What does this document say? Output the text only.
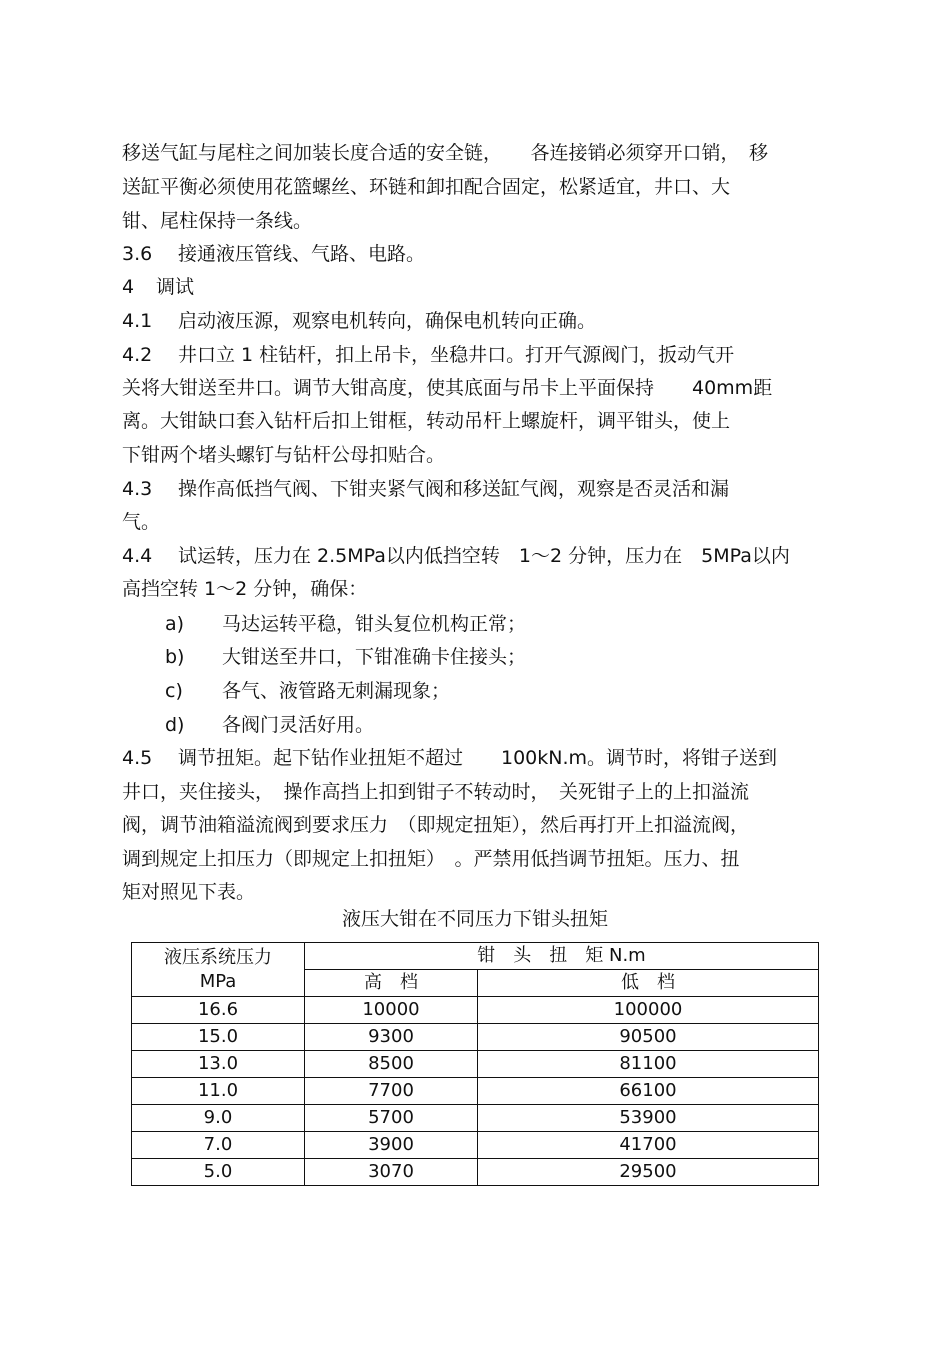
移送气缸与尾柱之间加装长度合适的安全链，　　各连接销必须穿开口销，　移
送缸平衡必须使用花篮螺丝、环链和卸扣配合固定，松紧适宜，井口、大
钳、尾柱保持一条线。
3.6 接通液压管线、气路、电路。
4 调试
4.1 启动液压源，观察电机转向，确保电机转向正确。
4.2 井口立 1 柱钻杆，扣上吊卡，坐稳井口。打开气源阀门，扳动气开
关将大钳送至井口。调节大钳高度，使其底面与吊卡上平面保持　　40mm距
离。大钳缺口套入钻杆后扣上钳框，转动吊杆上螺旋杆，调平钳头，使上
下钳两个堵头螺钉与钻杆公母扣贴合。
4.3 操作高低挡气阀、下钳夹紧气阀和移送缸气阀，观察是否灵活和漏
气。
4.4 试运转，压力在 2.5MPa以内低挡空转　1～2 分钟，压力在　5MPa以内
高挡空转 1～2 分钟，确保：
a) 马达运转平稳，钳头复位机构正常；
b) 大钳送至井口，下钳准确卡住接头；
c) 各气、液管路无刺漏现象；
d) 各阀门灵活好用。
4.5 调节扭矩。起下钻作业扭矩不超过　　100kN.m。调节时，将钳子送到
井口，夹住接头，　操作高挡上扣到钳子不转动时，　关死钳子上的上扣溢流
阀，调节油箱溢流阀到要求压力　（即规定扭矩），然后再打开上扣溢流阀，
调到规定上扣压力（即规定上扣扭矩）　。严禁用低挡调节扭矩。压力、扭
矩对照见下表。
液压大钳在不同压力下钳头扭矩
液压系统压力
MPa	钳　头　扭　矩 N.m	
	高　档	低　档
16.6	10000	100000
15.0	9300	90500
13.0	8500	81100
11.0	7700	66100
9.0	5700	53900
7.0	3900	41700
5.0	3070	29500
